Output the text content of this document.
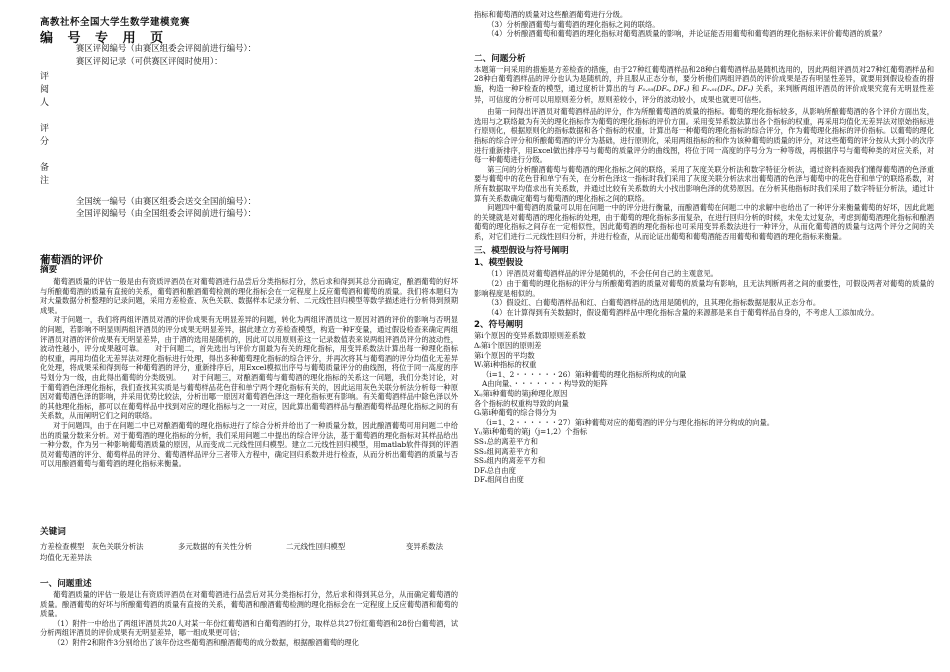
高教社杯全国大学生数学建模竞赛
编 号 专 用 页
赛区评阅编号（由赛区组委会评阅前进行编号）：
赛区评阅记录（可供赛区评阅时使用）：
评
阅
人
评
分
备
注
全国统一编号（由赛区组委会送交全国前编号）：
全国评阅编号（由全国组委会评阅前进行编号）：
葡萄酒的评价
摘要

葡萄酒质量的评估一般是由有资质评酒员在对葡萄酒进行品尝后分类指标打分，然后求和得到其总分而确定，酿酒葡萄的好坏与所酿葡萄酒的质量有直接的关系，葡萄酒和酿酒葡萄检测的理化指标会在一定程度上反应葡萄酒和葡萄的质量。我们将本题归为对大量数据分析整理的记录问题，采用方差检查、灰色关联、数据样本记录分析、二元线性回归模型等数学描述进行分析得到预期成果。

对于问题一，我们将两组评酒员对酒的评价成果有无明显差异的问题，转化为两组评酒员这一原因对酒的评价的影响与否明显的问题，若影响不明显则两组评酒员的评分成果无明显差异，据此建立方差检查模型，构造一种F变量，通过假设检查来确定两组评酒员对酒的评价成果有无明显差异，由于酒的选用是随机的，因此可以用原则差这一记录数值表来说两组评酒员评分的波动性，波动性越小，评分成果越可靠。　　对于问题二，首先选出与评价方面最为有关的理化指标，用变异系数法计算出每一种理化指标的权重，再用均值化无差异法对理化指标进行处理，得出多种葡萄理化指标的综合评分，并再次将其与葡萄酒的评分均值化无差异化处理，将成果采和得到每一种葡萄酒的评分，重新排序后，用Excel模拟出序号与葡萄质量评分的曲线图，将位于同一高度的序号划分为一级，由此得出葡萄的分类级别。　　对于问题三，对酿酒葡萄与葡萄酒的理化指标的关系这一问题，我们分类讨论，对于葡萄酒色泽理化指标，我们查找其实质是与葡萄样品花色苷和单宁两个理化指标有关的，因此运用灰色关联分析法分析每一种原因对葡萄酒色泽的影响，并采用优势比较法，分析出哪一原因对葡萄酒色泽这一理化指标更有影响。有关葡萄酒样品中除色泽以外的其他理化指标，都可以在葡萄样品中找到对应的理化指标与之一一对应，因此算出葡萄酒样品与酿酒葡萄样品理化指标之间的有关系数，从而阐明它们之间的联络。

对于问题四，由于在问题二中已对酿酒葡萄的理化指标进行了综合分析并给出了一种质量分数，因此酿酒葡萄可用问题二中给出的质量分数来分析。对于葡萄酒的理化指标的分析，我们采用问题二中提出的综合评分法，基于葡萄酒的理化指标对其样品给出一种分数，作为另一种影响葡萄酒质量的原因，从而变成二元线性回归模型。建立二元线性回归模型，用matlab软件得到的评酒员对葡萄酒的评分、葡萄样品的评分、葡萄酒样品评分三者带入方程中，确定回归系数并进行检查，从而分析出葡萄酒的质量与否可以用酿酒葡萄与葡萄酒的理化指标来衡量。

关键词
方差检查模型　灰色关联分析法	多元数据的有关性分析	二元线性回归模型	变异系数法
均值化无差异法
一、问题重述

葡萄酒质量的评估一般是让有资质评酒员在对葡萄酒进行品尝后对其分类指标打分，然后求和得到其总分，从而确定葡萄酒的质量。酿酒葡萄的好坏与所酿葡萄酒的质量有直接的关系，葡萄酒和酿酒葡萄检测的理化指标会在一定程度上反应葡萄酒和葡萄的质量。

（1）附件一中给出了两组评酒员共20人对某一年份红葡萄酒和白葡萄酒的打分，取样总共27份红葡萄酒和28份白葡萄酒，试分析两组评酒员的评价成果有无明显差异，哪一组成果更可信；

（2）附件2和附件3分别给出了该年份这些葡萄酒和酿酒葡萄的成分数据，根据酿酒葡萄的理化

指标和葡萄酒的质量对这些酿酒葡萄进行分级。

（3）分析酿酒葡萄与葡萄酒的理化指标之间的联络。

（4）分析酿酒葡萄和葡萄酒的理化指标对葡萄酒质量的影响，并论证能否用葡萄和葡萄酒的理化指标来评价葡萄酒的质量？

二、问题分析

本题第一问采用的措施是方差检查的措施，由于27种红葡萄酒样品和28种白葡萄酒样品是随机选用的，因此两组评酒员对27种红葡萄酒样品和28种白葡萄酒样品的评分也认为是随机的，并且服从正态分布，要分析他们两组评酒员的评价成果是否有明显性差异，就要用到假设检查的措施，构造一种F检查的模型，通过度析计算出的与 F₀.₀₅(DFₛ, DFₑ) 和 F₀.₀₁(DFₛ, DFₑ) 关系，来判断两组评酒员的评价成果究竟有无明显性差异，可信度的分析可以用原则差分析，原则差较小，评分的波动较小，成果也就更可信些。

由第一问得出评酒员对葡萄酒样品的评分，作为所酿葡萄酒的质量的指标。葡萄的理化指标较多，从影响所酿葡萄酒的各个评价方面出发，选用与之联络最为有关的理化指标作为葡萄的理化指标的评价方面。采用变异系数法算出各个指标的权重，再采用均值化无差异法对原始指标进行原则化，根据原则化的指标数据和各个指标的权重，计算出每一种葡萄的理化指标的综合评分，作为葡萄理化指标的评价指标。以葡萄的理化指标的综合评分和所酿葡萄酒的评分为基础，进行原则化，采用两组指标的和作为该种葡萄的质量的评分，对这些葡萄的评分按从大到小的次序进行重新排序，用Excel做出排序号与葡萄的质量评分的曲线图，将位于同一高度的序号分为一种等级，再根据序号与葡萄种类的对应关系，对每一种葡萄进行分级。

第三问的分析酿酒葡萄与葡萄酒的理化指标之间的联络，采用了灰度关联分析法和数字特征分析法，通过资料查阅我们懂得葡萄酒的色泽重要与葡萄中的花色苷和单宁有关，在分析色泽这一指标时我们采用了灰度关联分析法求出葡萄酒的色泽与葡萄中的花色苷和单宁的联络系数，对所有数据取平均值求出有关系数，并通过比较有关系数的大小找出影响色泽的优势原因。在分析其他指标时我们采用了数字特征分析法，通过计算有关系数确定葡萄与葡萄酒的理化指标之间的联络。

问题四中葡萄酒的质量可以用在问题一中的评分进行衡量，而酿酒葡萄在问题二中的求解中也给出了一种评分来衡量葡萄的好坏，因此此题的关键就是对葡萄酒的理化指标的处理，由于葡萄的理化指标多而复杂，在进行回归分析的时候，未免太过复杂，考虑到葡萄酒理化指标和酿酒葡萄的理化指标之间存在一定相似性，因此葡萄酒的理化指标也可采用变异系数法进行一种评分，从而化葡萄酒的质量与这两个评分之间的关系，对它们进行二元线性回归分析，并进行检查，从而论证出葡萄和葡萄酒能否用葡萄和葡萄酒的理化指标来衡量。

三、模型假设与符号阐明
1、模型假设

（1）评酒员对葡萄酒样品的评分是随机的，不会任何自己的主观意见。

（2）由于葡萄的理化指标的评分与所酿葡萄酒的质量对葡萄的质量均有影响，且无法判断两者之间的重要性，可假设两者对葡萄的质量的影响程度是相似的。

（3）假设红、白葡萄酒样品和红、白葡萄酒样品的选用是随机的，且其理化指标数据是服从正态分布。

（4）在计算得到有关数据时，假设葡萄酒样品中理化指标含量的来源都是来自于葡萄样品自身的，不考虑人工添加成分。

2、符号阐明

第i个原因的变异系数即原则差系数

Δᵢ第i个原因的原则差

第i个原因的平均数

Wᵢ第i种指标的权重

（i=1、2・・・・・・26）第i种葡萄的理化指标所构成的向量

A由向量、・・・・・・・构导致的矩阵

Xᵢⱼ第i种葡萄的第j种理化原因

各个指标的权重构导致的向量

Gᵢ第i种葡萄的综合得分为

（i=1、2・・・・・・27）第i种葡萄对应的葡萄酒的评分与理化指标的评分构成的向量。

Yᵢⱼ第i种葡萄的第j（j=1,2）个指标

SS₁总的离差平方和

SS₂组间离差平方和

SS₃组内的离差平方和

DFₜ总自由度

DFₛ组间自由度
